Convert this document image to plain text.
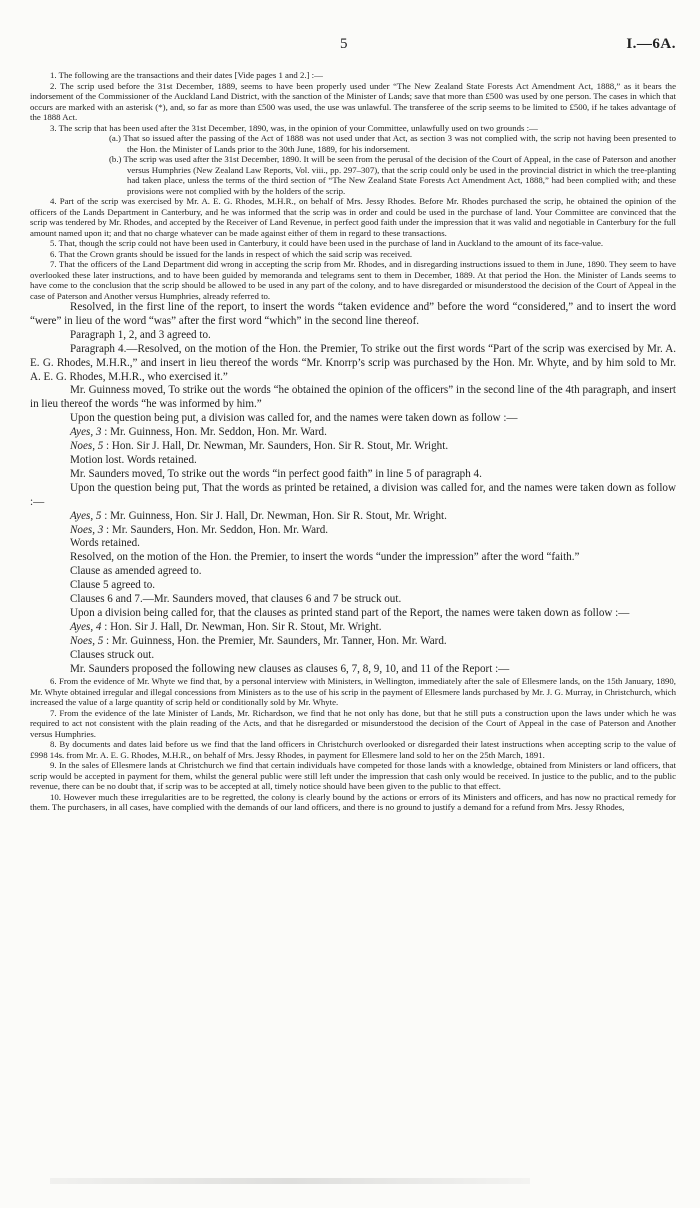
5	I.—6A.

1. The following are the transactions and their dates [Vide pages 1 and 2.] :—

2. The scrip used before the 31st December, 1889, seems to have been properly used under “The New Zealand State Forests Act Amendment Act, 1888,” as it bears the indorsement of the Commissioner of the Auckland Land District, with the sanction of the Minister of Lands; save that more than £500 was used by one person. The cases in which that occurs are marked with an asterisk (*), and, so far as more than £500 was used, the use was unlawful. The transferee of the scrip seems to be limited to £500, if he takes advantage of the 1888 Act.

3. The scrip that has been used after the 31st December, 1890, was, in the opinion of your Committee, unlawfully used on two grounds :—

(a.) That so issued after the passing of the Act of 1888 was not used under that Act, as section 3 was not complied with, the scrip not having been presented to the Hon. the Minister of Lands prior to the 30th June, 1889, for his indorsement.

(b.) The scrip was used after the 31st December, 1890. It will be seen from the perusal of the decision of the Court of Appeal, in the case of Paterson and another versus Humphries (New Zealand Law Reports, Vol. viii., pp. 297–307), that the scrip could only be used in the provincial district in which the tree-planting had taken place, unless the terms of the third section of “The New Zealand State Forests Act Amendment Act, 1888,” had been complied with; and these provisions were not complied with by the holders of the scrip.

4. Part of the scrip was exercised by Mr. A. E. G. Rhodes, M.H.R., on behalf of Mrs. Jessy Rhodes. Before Mr. Rhodes purchased the scrip, he obtained the opinion of the officers of the Lands Department in Canterbury, and he was informed that the scrip was in order and could be used in the purchase of land. Your Committee are convinced that the scrip was tendered by Mr. Rhodes, and accepted by the Receiver of Land Revenue, in perfect good faith under the impression that it was valid and negotiable in Canterbury for the full amount named upon it; and that no charge whatever can be made against either of them in regard to these transactions.

5. That, though the scrip could not have been used in Canterbury, it could have been used in the purchase of land in Auckland to the amount of its face-value.

6. That the Crown grants should be issued for the lands in respect of which the said scrip was received.

7. That the officers of the Land Department did wrong in accepting the scrip from Mr. Rhodes, and in disregarding instructions issued to them in June, 1890. They seem to have overlooked these later instructions, and to have been guided by memoranda and telegrams sent to them in December, 1889. At that period the Hon. the Minister of Lands seems to have come to the conclusion that the scrip should be allowed to be used in any part of the colony, and to have disregarded or misunderstood the decision of the Court of Appeal in the case of Paterson and Another versus Humphries, already referred to.

Resolved, in the first line of the report, to insert the words “taken evidence and” before the word “considered,” and to insert the word “were” in lieu of the word “was” after the first word “which” in the second line thereof.

Paragraph 1, 2, and 3 agreed to.

Paragraph 4.—Resolved, on the motion of the Hon. the Premier, To strike out the first words “Part of the scrip was exercised by Mr. A. E. G. Rhodes, M.H.R.,” and insert in lieu thereof the words “Mr. Knorrp’s scrip was purchased by the Hon. Mr. Whyte, and by him sold to Mr. A. E. G. Rhodes, M.H.R., who exercised it.”

Mr. Guinness moved, To strike out the words “he obtained the opinion of the officers” in the second line of the 4th paragraph, and insert in lieu thereof the words “he was informed by him.”

Upon the question being put, a division was called for, and the names were taken down as follow :—

Ayes, 3 : Mr. Guinness, Hon. Mr. Seddon, Hon. Mr. Ward.

Noes, 5 : Hon. Sir J. Hall, Dr. Newman, Mr. Saunders, Hon. Sir R. Stout, Mr. Wright.

Motion lost. Words retained.

Mr. Saunders moved, To strike out the words “in perfect good faith” in line 5 of paragraph 4.

Upon the question being put, That the words as printed be retained, a division was called for, and the names were taken down as follow :—

Ayes, 5 : Mr. Guinness, Hon. Sir J. Hall, Dr. Newman, Hon. Sir R. Stout, Mr. Wright.

Noes, 3 : Mr. Saunders, Hon. Mr. Seddon, Hon. Mr. Ward.

Words retained.

Resolved, on the motion of the Hon. the Premier, to insert the words “under the impression” after the word “faith.”

Clause as amended agreed to.

Clause 5 agreed to.

Clauses 6 and 7.—Mr. Saunders moved, that clauses 6 and 7 be struck out.

Upon a division being called for, that the clauses as printed stand part of the Report, the names were taken down as follow :—

Ayes, 4 : Hon. Sir J. Hall, Dr. Newman, Hon. Sir R. Stout, Mr. Wright.

Noes, 5 : Mr. Guinness, Hon. the Premier, Mr. Saunders, Mr. Tanner, Hon. Mr. Ward.

Clauses struck out.

Mr. Saunders proposed the following new clauses as clauses 6, 7, 8, 9, 10, and 11 of the Report :—

6. From the evidence of Mr. Whyte we find that, by a personal interview with Ministers, in Wellington, immediately after the sale of Ellesmere lands, on the 15th January, 1890, Mr. Whyte obtained irregular and illegal concessions from Ministers as to the use of his scrip in the payment of Ellesmere lands purchased by Mr. J. G. Murray, in Christchurch, which increased the value of a large quantity of scrip held or conditionally sold by Mr. Whyte.

7. From the evidence of the late Minister of Lands, Mr. Richardson, we find that he not only has done, but that he still puts a construction upon the laws under which he was required to act not consistent with the plain reading of the Acts, and that he disregarded or misunderstood the decision of the Court of Appeal in the case of Paterson and Another versus Humphries.

8. By documents and dates laid before us we find that the land officers in Christchurch overlooked or disregarded their latest instructions when accepting scrip to the value of £998 14s. from Mr. A. E. G. Rhodes, M.H.R., on behalf of Mrs. Jessy Rhodes, in payment for Ellesmere land sold to her on the 25th March, 1891.

9. In the sales of Ellesmere lands at Christchurch we find that certain individuals have competed for those lands with a knowledge, obtained from Ministers or land officers, that scrip would be accepted in payment for them, whilst the general public were still left under the impression that cash only would be received. In justice to the public, and to the public revenue, there can be no doubt that, if scrip was to be accepted at all, timely notice should have been given to the public to that effect.

10. However much these irregularities are to be regretted, the colony is clearly bound by the actions or errors of its Ministers and officers, and has now no practical remedy for them. The purchasers, in all cases, have complied with the demands of our land officers, and there is no ground to justify a demand for a refund from Mrs. Jessy Rhodes,
